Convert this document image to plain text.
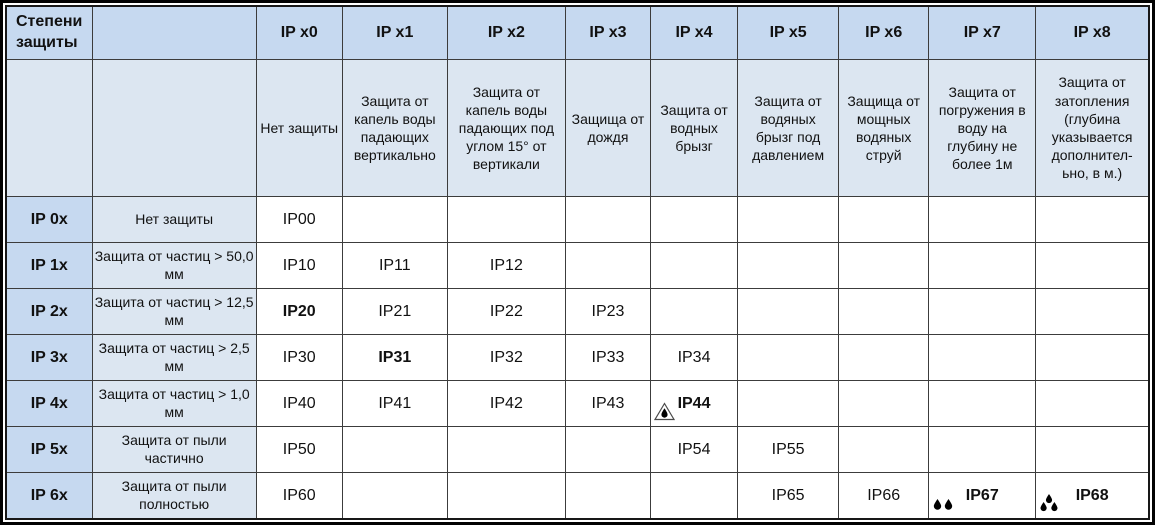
Степени защиты		IP x0	IP x1	IP x2	IP x3	IP x4	IP x5	IP x6	IP x7	IP x8
		Нет защиты	Защита от капель воды падающих вертикально	Защита от капель воды падающих под углом 15° от вертикали	Защища от дождя	Защита от водных брызг	Защита от водяных брызг под давлением	Защища от мощных водяных струй	Защита от погружения в воду на глубину не более 1м	Защита от затопления (глубина указывается дополнител-ьно, в м.)
IP 0x	Нет защиты	IP00								
IP 1x	Защита от частиц > 50,0 мм	IP10	IP11	IP12						
IP 2x	Защита от частиц > 12,5 мм	IP20	IP21	IP22	IP23					
IP 3x	Защита от частиц > 2,5 мм	IP30	IP31	IP32	IP33	IP34				
IP 4x	Защита от частиц > 1,0 мм	IP40	IP41	IP42	IP43	IP44				
IP 5x	Защита от пыли частично	IP50				IP54	IP55			
IP 6x	Защита от пыли полностью	IP60					IP65	IP66	IP67	IP68
